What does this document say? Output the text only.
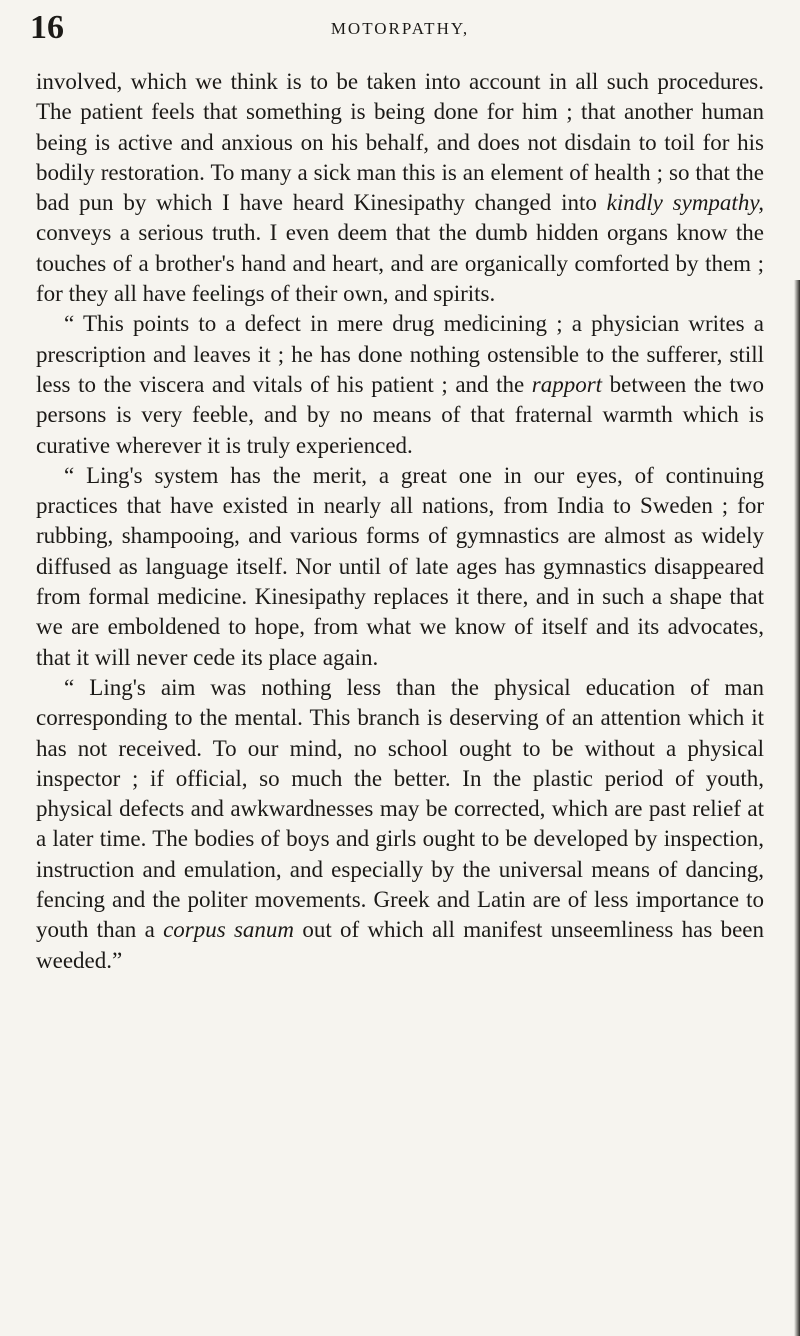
16	MOTORPATHY,

involved, which we think is to be taken into account in all such procedures. The patient feels that something is being done for him ; that another human being is active and anxious on his behalf, and does not disdain to toil for his bodily restoration. To many a sick man this is an element of health ; so that the bad pun by which I have heard Kinesipathy changed into kindly sympathy, conveys a serious truth. I even deem that the dumb hidden organs know the touches of a brother's hand and heart, and are organically comforted by them ; for they all have feelings of their own, and spirits.

“ This points to a defect in mere drug medicining ; a physician writes a prescription and leaves it ; he has done nothing ostensible to the sufferer, still less to the viscera and vitals of his patient ; and the rapport between the two persons is very feeble, and by no means of that fraternal warmth which is curative wherever it is truly experienced.

“ Ling's system has the merit, a great one in our eyes, of continuing practices that have existed in nearly all nations, from India to Sweden ; for rubbing, shampooing, and various forms of gymnastics are almost as widely diffused as language itself. Nor until of late ages has gymnastics disappeared from formal medicine. Kinesipathy replaces it there, and in such a shape that we are emboldened to hope, from what we know of itself and its advocates, that it will never cede its place again.

“ Ling's aim was nothing less than the physical education of man corresponding to the mental. This branch is deserving of an attention which it has not received. To our mind, no school ought to be without a physical inspector ; if official, so much the better. In the plastic period of youth, physical defects and awkwardnesses may be corrected, which are past relief at a later time. The bodies of boys and girls ought to be developed by inspection, instruction and emulation, and especially by the universal means of dancing, fencing and the politer movements. Greek and Latin are of less importance to youth than a corpus sanum out of which all manifest unseemliness has been weeded.”
